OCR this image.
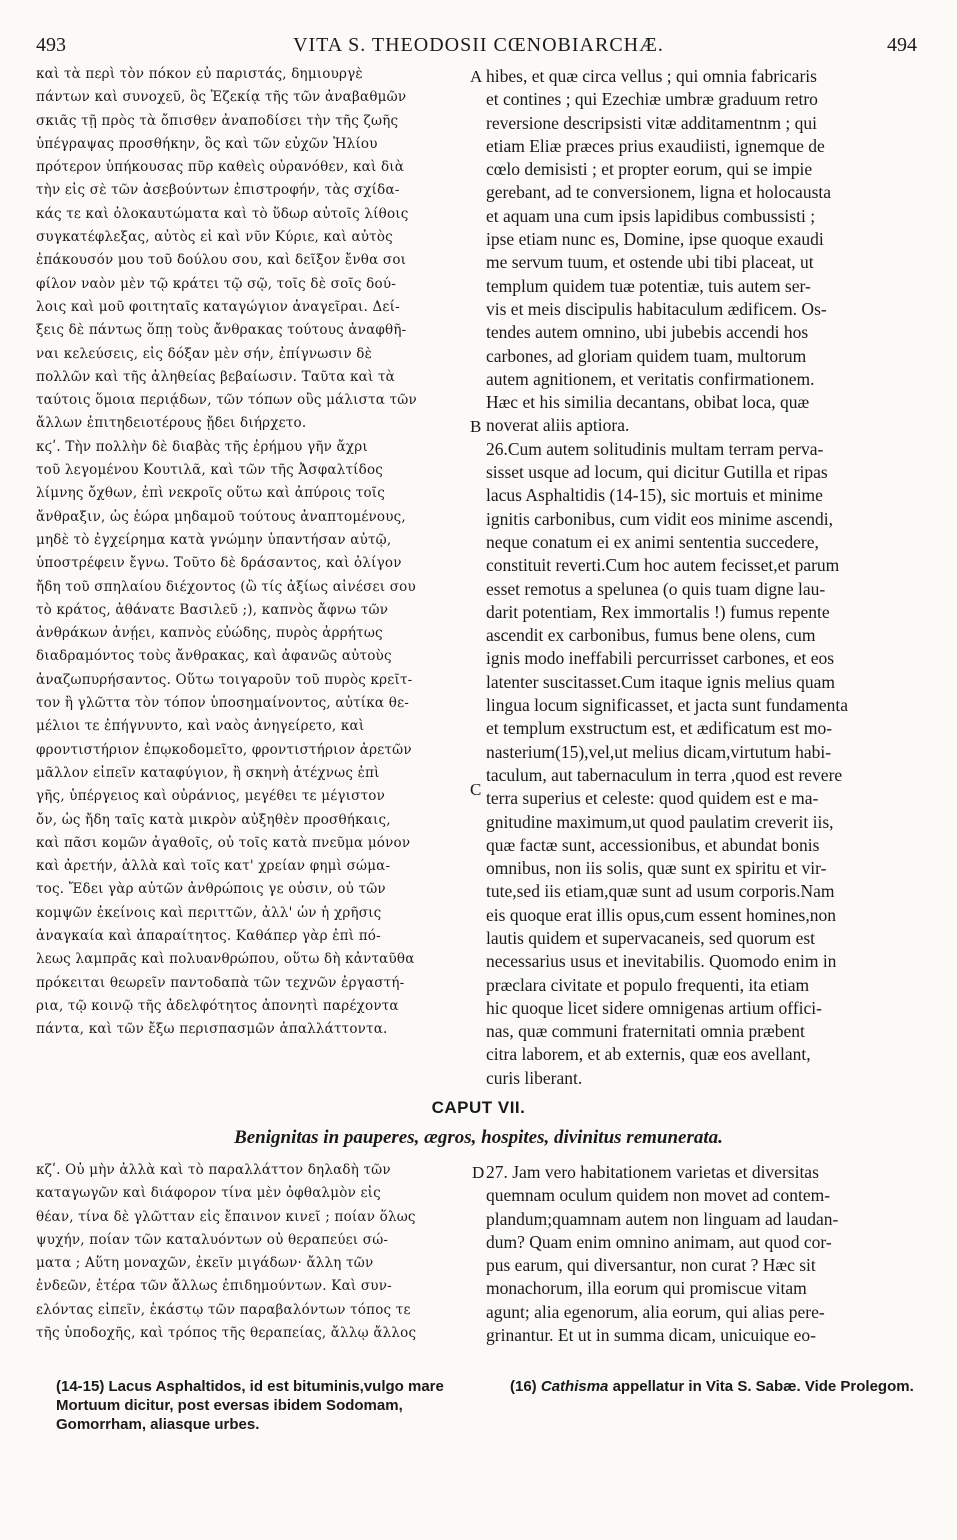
493	VITA S. THEODOSII CŒNOBIARCHÆ.	494
καὶ τὰ περὶ τὸν πόκον εὖ παριστάς, δημιουργὲ
πάντων καὶ συνοχεῦ, ὃς Ἐζεκίᾳ τῆς τῶν ἀναβαθμῶν
σκιᾶς τῇ πρὸς τὰ ὄπισθεν ἀναποδίσει τὴν τῆς ζωῆς
ὑπέγραψας προσθήκην, ὃς καὶ τῶν εὐχῶν Ἠλίου
πρότερον ὑπήκουσας πῦρ καθεὶς οὐρανόθεν, καὶ διὰ
τὴν εἰς σὲ τῶν ἀσεβούντων ἐπιστροφήν, τὰς σχίδα-
κάς τε καὶ ὁλοκαυτώματα καὶ τὸ ὕδωρ αὐτοῖς λίθοις
συγκατέφλεξας, αὐτὸς εἶ καὶ νῦν Κύριε, καὶ αὐτὸς
ἐπάκουσόν μου τοῦ δούλου σου, καὶ δεῖξον ἔνθα σοι
φίλον ναὸν μὲν τῷ κράτει τῷ σῷ, τοῖς δὲ σοῖς δού-
λοις καὶ μοῦ φοιτηταῖς καταγώγιον ἀναγεῖραι. Δεί-
ξεις δὲ πάντως ὅπῃ τοὺς ἄνθρακας τούτους ἀναφθῆ-
ναι κελεύσεις, εἰς δόξαν μὲν σήν, ἐπίγνωσιν δὲ
πολλῶν καὶ τῆς ἀληθείας βεβαίωσιν. Ταῦτα καὶ τὰ
ταύτοις ὅμοια περιᾴδων, τῶν τόπων οὓς μάλιστα τῶν
ἄλλων ἐπιτηδειοτέρους ᾔδει διήρχετο.
κϛʹ. Τὴν πολλὴν δὲ διαβὰς τῆς ἐρήμου γῆν ἄχρι
τοῦ λεγομένου Κουτιλᾶ, καὶ τῶν τῆς Ἀσφαλτίδος
λίμνης ὄχθων, ἐπὶ νεκροῖς οὕτω καὶ ἀπύροις τοῖς
ἄνθραξιν, ὡς ἑώρα μηδαμοῦ τούτους ἀναπτομένους,
μηδὲ τὸ ἐγχείρημα κατὰ γνώμην ὑπαντήσαν αὐτῷ,
ὑποστρέφειν ἔγνω. Τοῦτο δὲ δράσαντος, καὶ ὀλίγον
ἤδη τοῦ σπηλαίου διέχοντος (ὢ τίς ἀξίως αἰνέσει σου
τὸ κράτος, ἀθάνατε Βασιλεῦ ;), καπνὸς ἄφνω τῶν
ἀνθράκων ἀνῄει, καπνὸς εὐώδης, πυρὸς ἀρρήτως
διαδραμόντος τοὺς ἄνθρακας, καὶ ἀφανῶς αὐτοὺς
ἀναζωπυρήσαντος. Οὕτω τοιγαροῦν τοῦ πυρὸς κρεῖτ-
τον ἢ γλῶττα τὸν τόπον ὑποσημαίνοντος, αὐτίκα θε-
μέλιοι τε ἐπήγνυντο, καὶ ναὸς ἀνηγείρετο, καὶ
φροντιστήριον ἐπῳκοδομεῖτο, φροντιστήριον ἀρετῶν
μᾶλλον εἰπεῖν καταφύγιον, ἢ σκηνὴ ἀτέχνως ἐπὶ
γῆς, ὑπέργειος καὶ οὐράνιος, μεγέθει τε μέγιστον
ὄν, ὡς ἤδη ταῖς κατὰ μικρὸν αὐξηθὲν προσθήκαις,
καὶ πᾶσι κομῶν ἀγαθοῖς, οὐ τοῖς κατὰ πνεῦμα μόνον
καὶ ἀρετήν, ἀλλὰ καὶ τοῖς κατ' χρείαν φημὶ σώμα-
τος. Ἔδει γὰρ αὐτῶν ἀνθρώποις γε οὖσιν, οὐ τῶν
κομψῶν ἐκείνοις καὶ περιττῶν, ἀλλ' ὧν ἡ χρῆσις
ἀναγκαία καὶ ἀπαραίτητος. Καθάπερ γὰρ ἐπὶ πό-
λεως λαμπρᾶς καὶ πολυανθρώπου, οὕτω δὴ κἀνταῦθα
πρόκειται θεωρεῖν παντοδαπὰ τῶν τεχνῶν ἐργαστή-
ρια, τῷ κοινῷ τῆς ἀδελφότητος ἀπονητὶ παρέχοντα
πάντα, καὶ τῶν ἔξω περισπασμῶν ἀπαλλάττοντα.
hibes, et quæ circa vellus ; qui omnia fabricaris
et contines ; qui Ezechiæ umbræ graduum retro
reversione descripsisti vitæ additamentnm ; qui
etiam Eliæ præces prius exaudiisti, ignemque de
cœlo demisisti ; et propter eorum, qui se impie
gerebant, ad te conversionem, ligna et holocausta
et aquam una cum ipsis lapidibus combussisti ;
ipse etiam nunc es, Domine, ipse quoque exaudi
me servum tuum, et ostende ubi tibi placeat, ut
templum quidem tuæ potentiæ, tuis autem ser-
vis et meis discipulis habitaculum ædificem. Os-
tendes autem omnino, ubi jubebis accendi hos
carbones, ad gloriam quidem tuam, multorum
autem agnitionem, et veritatis confirmationem.
Hæc et his similia decantans, obibat loca, quæ
noverat aliis aptiora.
26.Cum autem solitudinis multam terram perva-
sisset usque ad locum, qui dicitur Gutilla et ripas
lacus Asphaltidis (14-15), sic mortuis et minime
ignitis carbonibus, cum vidit eos minime ascendi,
neque conatum ei ex animi sententia succedere,
constituit reverti.Cum hoc autem fecisset,et parum
esset remotus a spelunea (o quis tuam digne lau-
darit potentiam, Rex immortalis !) fumus repente
ascendit ex carbonibus, fumus bene olens, cum
ignis modo ineffabili percurrisset carbones, et eos
latenter suscitasset.Cum itaque ignis melius quam
lingua locum significasset, et jacta sunt fundamenta
et templum exstructum est, et ædificatum est mo-
nasterium(15),vel,ut melius dicam,virtutum habi-
taculum, aut tabernaculum in terra ,quod est revere
terra superius et celeste: quod quidem est e ma-
gnitudine maximum,ut quod paulatim creverit iis,
quæ factæ sunt, accessionibus, et abundat bonis
omnibus, non iis solis, quæ sunt ex spiritu et vir-
tute,sed iis etiam,quæ sunt ad usum corporis.Nam
eis quoque erat illis opus,cum essent homines,non
lautis quidem et supervacaneis, sed quorum est
necessarius usus et inevitabilis. Quomodo enim in
præclara civitate et populo frequenti, ita etiam
hic quoque licet sidere omnigenas artium offici-
nas, quæ communi fraternitati omnia præbent
citra laborem, et ab externis, quæ eos avellant,
curis liberant.
A
B
C
D
CAPUT VII.
Benignitas in pauperes, ægros, hospites, divinitus remunerata.
κζʹ. Οὐ μὴν ἀλλὰ καὶ τὸ παραλλάττον δηλαδὴ τῶν
καταγωγῶν καὶ διάφορον τίνα μὲν ὀφθαλμὸν εἰς
θέαν, τίνα δὲ γλῶτταν εἰς ἔπαινον κινεῖ ; ποίαν ὅλως
ψυχήν, ποίαν τῶν καταλυόντων οὐ θεραπεύει σώ-
ματα ; Αὕτη μοναχῶν, ἐκεῖν μιγάδων· ἄλλη τῶν
ἐνδεῶν, ἑτέρα τῶν ἄλλως ἐπιδημούντων. Καὶ συν-
ελόντας εἰπεῖν, ἑκάστῳ τῶν παραβαλόντων τόπος τε
τῆς ὑποδοχῆς, καὶ τρόπος τῆς θεραπείας, ἄλλῳ ἄλλος
27. Jam vero habitationem varietas et diversitas
quemnam oculum quidem non movet ad contem-
plandum;quamnam autem non linguam ad laudan-
dum? Quam enim omnino animam, aut quod cor-
pus earum, qui diversantur, non curat ? Hæc sit
monachorum, illa eorum qui promiscue vitam
agunt; alia egenorum, alia eorum, qui alias pere-
grinantur. Et ut in summa dicam, unicuique eo-
(14-15) Lacus Asphaltidos, id est bituminis,vulgo mare Mortuum dicitur, post eversas ibidem Sodomam, Gomorrham, aliasque urbes.
(16) Cathisma appellatur in Vita S. Sabæ. Vide Prolegom.
